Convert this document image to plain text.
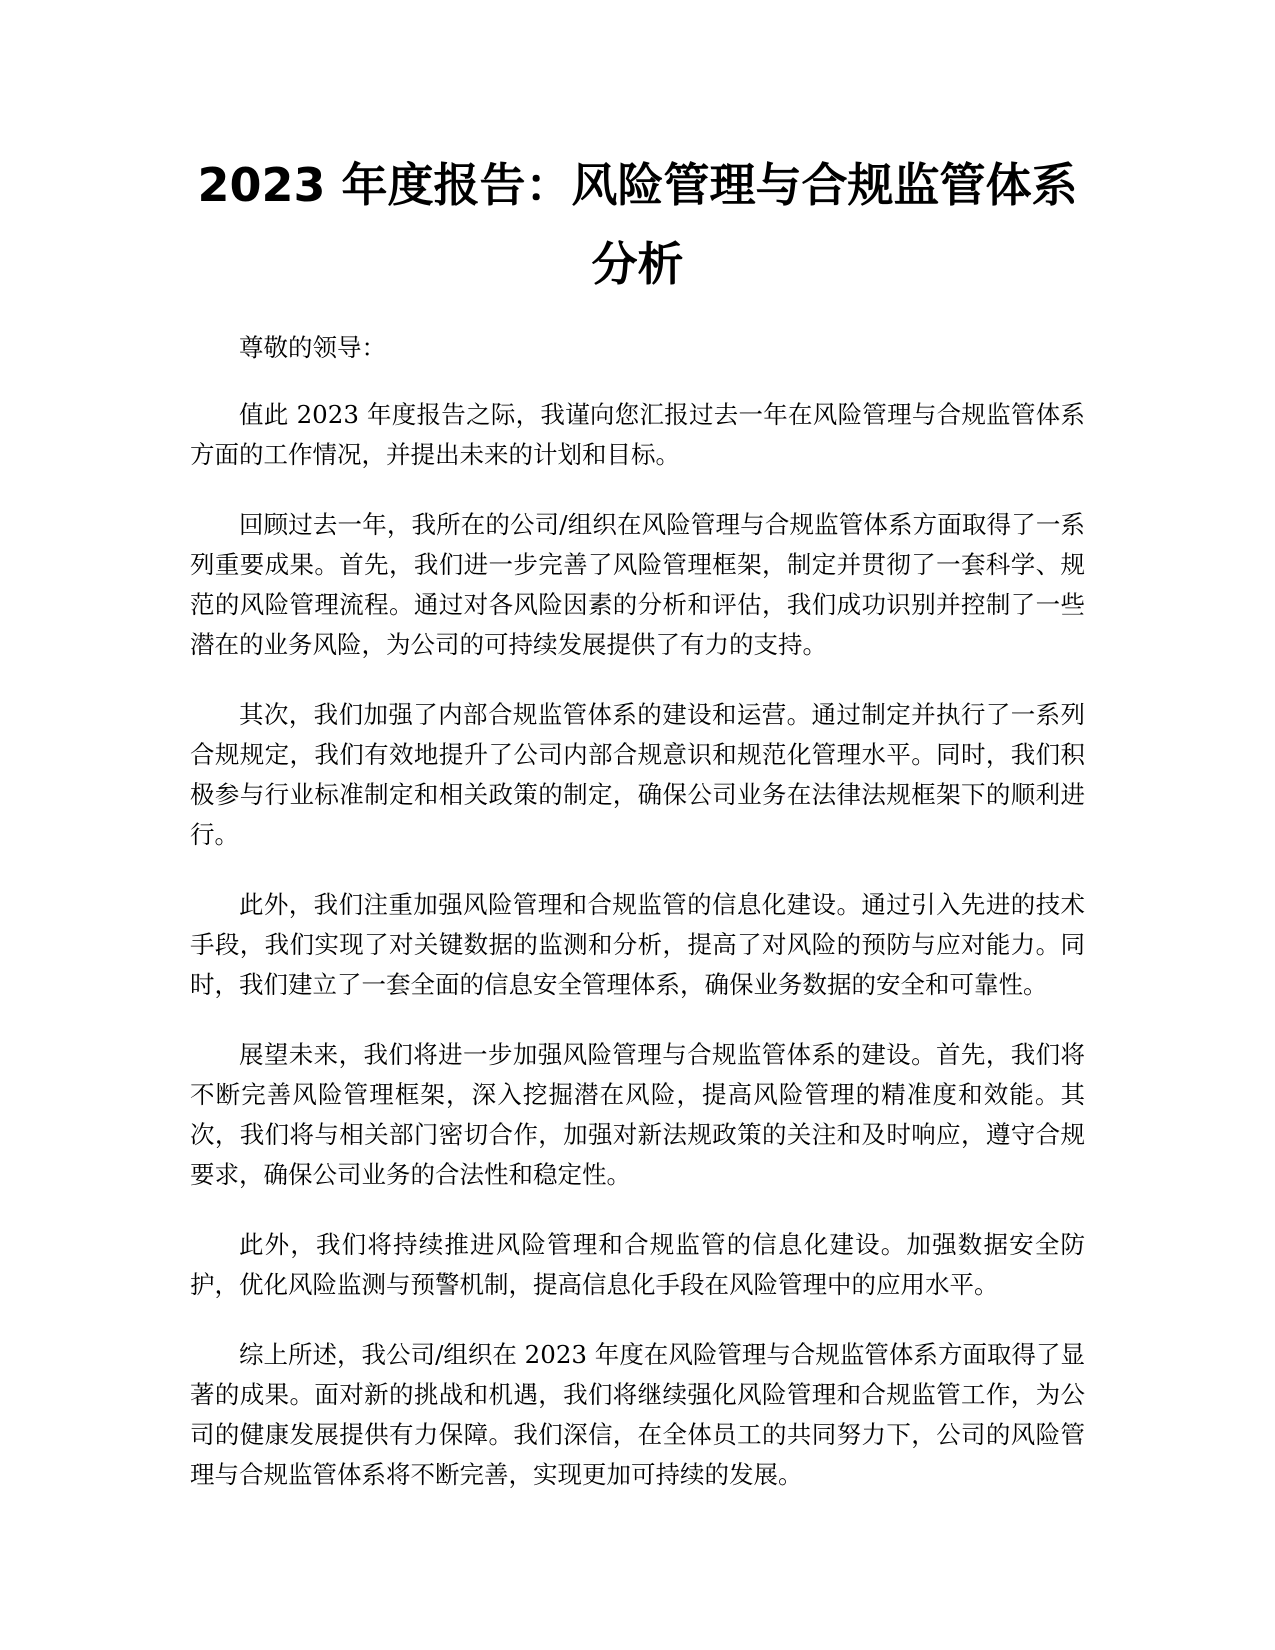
2023 年度报告：风险管理与合规监管体系分析

尊敬的领导：

值此 2023 年度报告之际，我谨向您汇报过去一年在风险管理与合规监管体系方面的工作情况，并提出未来的计划和目标。

回顾过去一年，我所在的公司/组织在风险管理与合规监管体系方面取得了一系列重要成果。首先，我们进一步完善了风险管理框架，制定并贯彻了一套科学、规范的风险管理流程。通过对各风险因素的分析和评估，我们成功识别并控制了一些潜在的业务风险，为公司的可持续发展提供了有力的支持。

其次，我们加强了内部合规监管体系的建设和运营。通过制定并执行了一系列合规规定，我们有效地提升了公司内部合规意识和规范化管理水平。同时，我们积极参与行业标准制定和相关政策的制定，确保公司业务在法律法规框架下的顺利进行。

此外，我们注重加强风险管理和合规监管的信息化建设。通过引入先进的技术手段，我们实现了对关键数据的监测和分析，提高了对风险的预防与应对能力。同时，我们建立了一套全面的信息安全管理体系，确保业务数据的安全和可靠性。

展望未来，我们将进一步加强风险管理与合规监管体系的建设。首先，我们将不断完善风险管理框架，深入挖掘潜在风险，提高风险管理的精准度和效能。其次，我们将与相关部门密切合作，加强对新法规政策的关注和及时响应，遵守合规要求，确保公司业务的合法性和稳定性。

此外，我们将持续推进风险管理和合规监管的信息化建设。加强数据安全防护，优化风险监测与预警机制，提高信息化手段在风险管理中的应用水平。

综上所述，我公司/组织在 2023 年度在风险管理与合规监管体系方面取得了显著的成果。面对新的挑战和机遇，我们将继续强化风险管理和合规监管工作，为公司的健康发展提供有力保障。我们深信，在全体员工的共同努力下，公司的风险管理与合规监管体系将不断完善，实现更加可持续的发展。
